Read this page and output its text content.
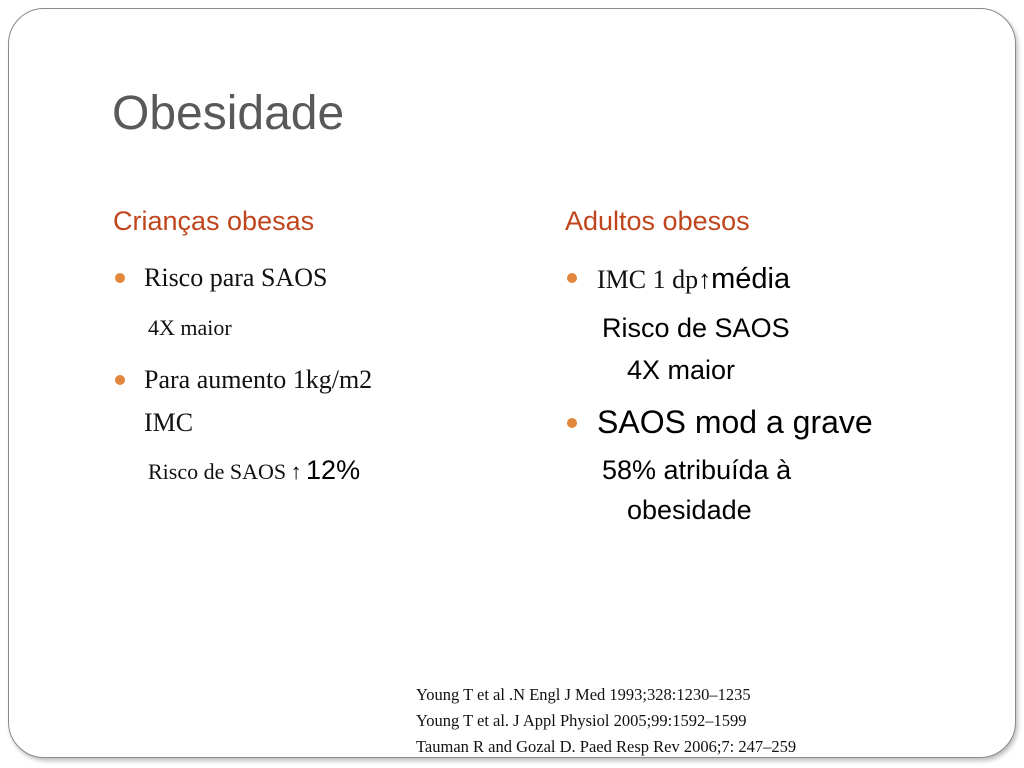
Obesidade
Crianças obesas
Risco para SAOS
4X maior
Para aumento 1kg/m2
IMC
Risco de SAOS ↑ 12%
Adultos obesos
IMC 1 dp↑média
Risco de SAOS
4X maior
SAOS mod a grave
58% atribuída à
obesidade
Young T et al .N Engl J Med 1993;328:1230–1235
Young T et al. J Appl Physiol 2005;99:1592–1599
Tauman R and Gozal D. Paed Resp Rev 2006;7: 247–259
